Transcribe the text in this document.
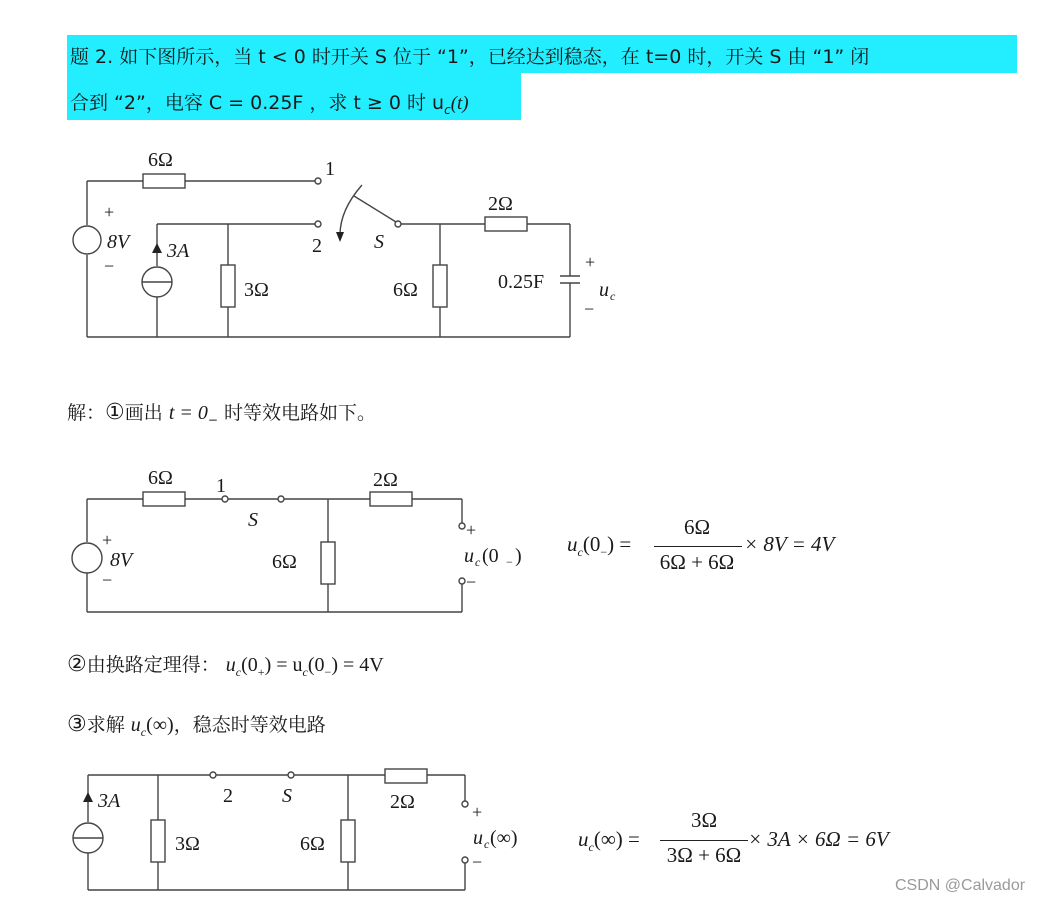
题 2. 如下图所示，当 t < 0 时开关 S 位于 “1”，已经达到稳态，在 t=0 时，开关 S 由 “1” 闭
合到 “2”，电容 C = 0.25F ，求 t ≥ 0 时 $u_c(t)$
6Ω	1
2	S
2Ω
+
8V
−
3A
3Ω	6Ω	0.25F
+
u c
−
解：①画出 $t = 0_-$ 时等效电路如下。
6Ω 1
S
2Ω
+
8V
−
6Ω
+
u c (0 − )
−
$u_c(0_-)$ =
6Ω
6Ω + 6Ω
× 8V = 4V
②由换路定理得： $u_c(0_+) = u_c(0_-) = 4V$
③求解 $u_c(\infty)$，稳态时等效电路
3A
3Ω
2 S
6Ω
2Ω	+
u c (∞)
−
$u_c(\infty)$ =
3Ω
3Ω + 6Ω
× 3A × 6Ω = 6V
CSDN @Calvador
